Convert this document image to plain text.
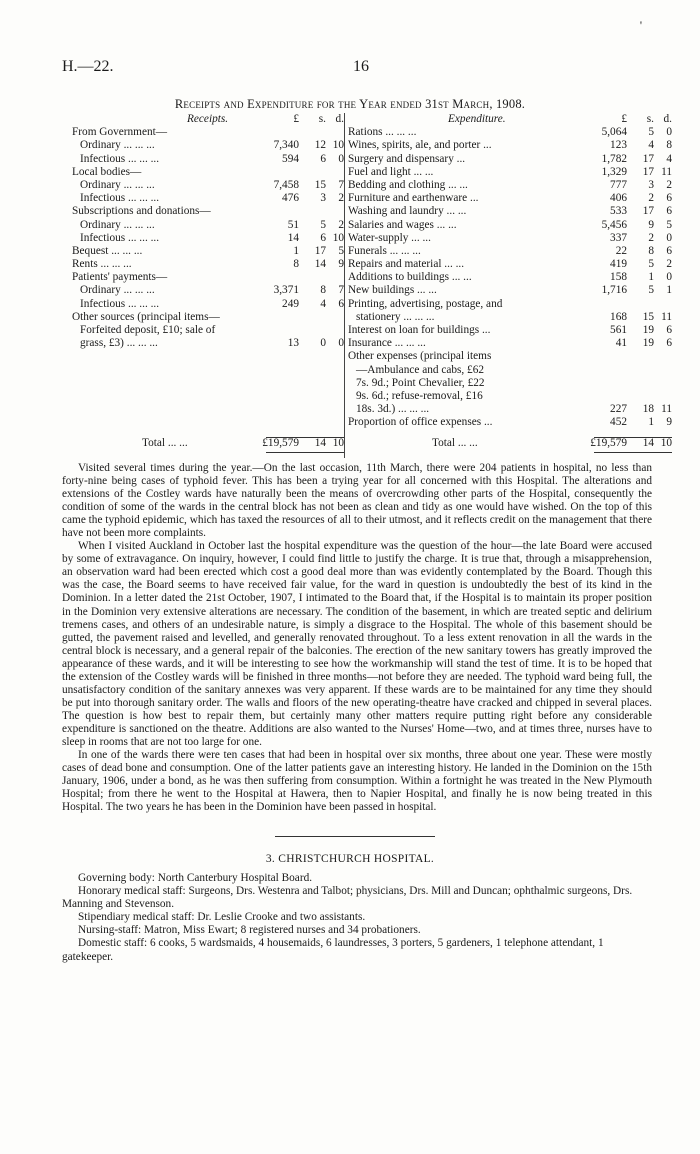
H.—22.	16
'
Receipts and Expenditure for the Year ended 31st March, 1908.
Receipts.	£ s. d.
From Government—
Ordinary ... ... ...	7,340 12 10
Infectious ... ... ...	594 6 0
Local bodies—
Ordinary ... ... ...	7,458 15 7
Infectious ... ... ...	476 3 2
Subscriptions and donations—
Ordinary ... ... ...	51 5 2
Infectious ... ... ...	14 6 10
Bequest ... ... ...	1 17 5
Rents ... ... ...	8 14 9
Patients' payments—
Ordinary ... ... ...	3,371 8 7
Infectious ... ... ...	249 4 6
Other sources (principal items—
Forfeited deposit, £10; sale of
grass, £3) ... ... ...	13 0 0
Total ... ...	£19,579 14 10
Expenditure.	£ s. d.
Rations ... ... ...	5,064 5 0
Wines, spirits, ale, and porter ...	123 4 8
Surgery and dispensary ...	1,782 17 4
Fuel and light ... ...	1,329 17 11
Bedding and clothing ... ...	777 3 2
Furniture and earthenware ...	406 2 6
Washing and laundry ... ...	533 17 6
Salaries and wages ... ...	5,456 9 5
Water-supply ... ...	337 2 0
Funerals ... ... ...	22 8 6
Repairs and material ... ...	419 5 2
Additions to buildings ... ...	158 1 0
New buildings ... ...	1,716 5 1
Printing, advertising, postage, and
stationery ... ... ...	168 15 11
Interest on loan for buildings ...	561 19 6
Insurance ... ... ...	41 19 6
Other expenses (principal items
—Ambulance and cabs, £62
7s. 9d.; Point Chevalier, £22
9s. 6d.; refuse-removal, £16
18s. 3d.) ... ... ...	227 18 11
Proportion of office expenses ...	452 1 9
Total ... ...	£19,579 14 10

Visited several times during the year.—On the last occasion, 11th March, there were 204 patients in hospital, no less than forty-nine being cases of typhoid fever. This has been a trying year for all concerned with this Hospital. The alterations and extensions of the Costley wards have naturally been the means of overcrowding other parts of the Hospital, consequently the condition of some of the wards in the central block has not been as clean and tidy as one would have wished. On the top of this came the typhoid epidemic, which has taxed the resources of all to their utmost, and it reflects credit on the management that there have not been more complaints.

When I visited Auckland in October last the hospital expenditure was the question of the hour—the late Board were accused by some of extravagance. On inquiry, however, I could find little to justify the charge. It is true that, through a misapprehension, an observation ward had been erected which cost a good deal more than was evidently contemplated by the Board. Though this was the case, the Board seems to have received fair value, for the ward in question is undoubtedly the best of its kind in the Dominion. In a letter dated the 21st October, 1907, I intimated to the Board that, if the Hospital is to maintain its proper position in the Dominion very extensive alterations are necessary. The condition of the basement, in which are treated septic and delirium tremens cases, and others of an undesirable nature, is simply a disgrace to the Hospital. The whole of this basement should be gutted, the pavement raised and levelled, and generally renovated throughout. To a less extent renovation in all the wards in the central block is necessary, and a general repair of the balconies. The erection of the new sanitary towers has greatly improved the appearance of these wards, and it will be interesting to see how the workmanship will stand the test of time. It is to be hoped that the extension of the Costley wards will be finished in three months—not before they are needed. The typhoid ward being full, the unsatisfactory condition of the sanitary annexes was very apparent. If these wards are to be maintained for any time they should be put into thorough sanitary order. The walls and floors of the new operating-theatre have cracked and chipped in several places. The question is how best to repair them, but certainly many other matters require putting right before any considerable expenditure is sanctioned on the theatre. Additions are also wanted to the Nurses' Home—two, and at times three, nurses have to sleep in rooms that are not too large for one.

In one of the wards there were ten cases that had been in hospital over six months, three about one year. These were mostly cases of dead bone and consumption. One of the latter patients gave an interesting history. He landed in the Dominion on the 15th January, 1906, under a bond, as he was then suffering from consumption. Within a fortnight he was treated in the New Plymouth Hospital; from there he went to the Hospital at Hawera, then to Napier Hospital, and finally he is now being treated in this Hospital. The two years he has been in the Dominion have been passed in hospital.

3. CHRISTCHURCH HOSPITAL.

Governing body: North Canterbury Hospital Board.

Honorary medical staff: Surgeons, Drs. Westenra and Talbot; physicians, Drs. Mill and Duncan; ophthalmic surgeons, Drs. Manning and Stevenson.

Stipendiary medical staff: Dr. Leslie Crooke and two assistants.

Nursing-staff: Matron, Miss Ewart; 8 registered nurses and 34 probationers.

Domestic staff: 6 cooks, 5 wardsmaids, 4 housemaids, 6 laundresses, 3 porters, 5 gardeners, 1 telephone attendant, 1 gatekeeper.
